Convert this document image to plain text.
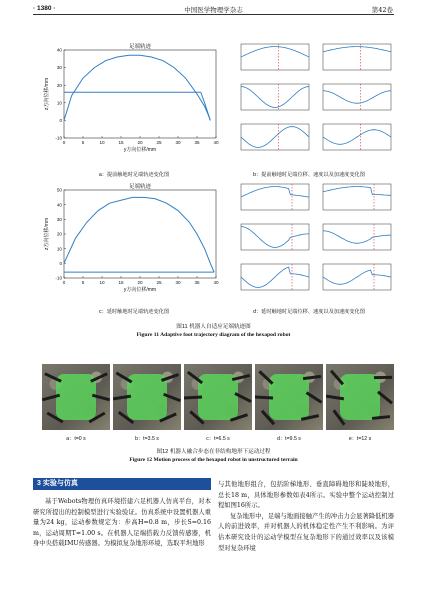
· 1380 ·	中国医学物理学杂志	第42卷
足端轨迹
0	5	10	15	20	25	30	35	40
-10
0
10
20
30
40
y方向位移/mm
z方向位移/mm
a：提前触地时足端轨迹变化图	b：提前触地时足端位移、速度以及加速度变化图
足端轨迹
0	5	10	15	20	25	30	35	40
-10
0
10
20
30
40
50
y方向位移/mm
z方向位移/mm
c：延时触地时足端轨迹变化图	d：延时触地时足端位移、速度以及加速度变化图
图11 机器人自适应足端轨迹图
Figure 11 Adaptive foot trajectory diagram of the hexapod robot
a：t=0 s	b：t=3.5 s	c：t=6.5 s	d：t=9.5 s	e：t=12 s
图12 机器人融合步态在非结构地形下运动过程
Figure 12 Motion process of the hexapod robot in unstructured terrain
3 实验与仿真

基于Webots物理仿真环境搭建六足机器人仿真平台，对本研究所提出的控制模型进行实验验证。仿真系统中设置机器人重量为24 kg，运动参数规定为：步高H=0.8 m，步长S=0.16 m，运动周期T=1.00 s。在机器人足端搭载力反馈传感器，机身中央搭载IMU传感器。为模拟复杂地形环境，选取平坦地形

与其他地形组合，包括阶梯地形、垂直障碍地形和陡坡地形，总长18 m，具体地形参数如表4所示。实验中整个运动控制过程如图16所示。

复杂地形中，足端与地面接触产生的冲击力会显著降低机器人的前进效率，并对机器人的机体稳定性产生不利影响。为评估本研究设计的运动学模型在复杂地形下的通过效率以及该模型对复杂环境
